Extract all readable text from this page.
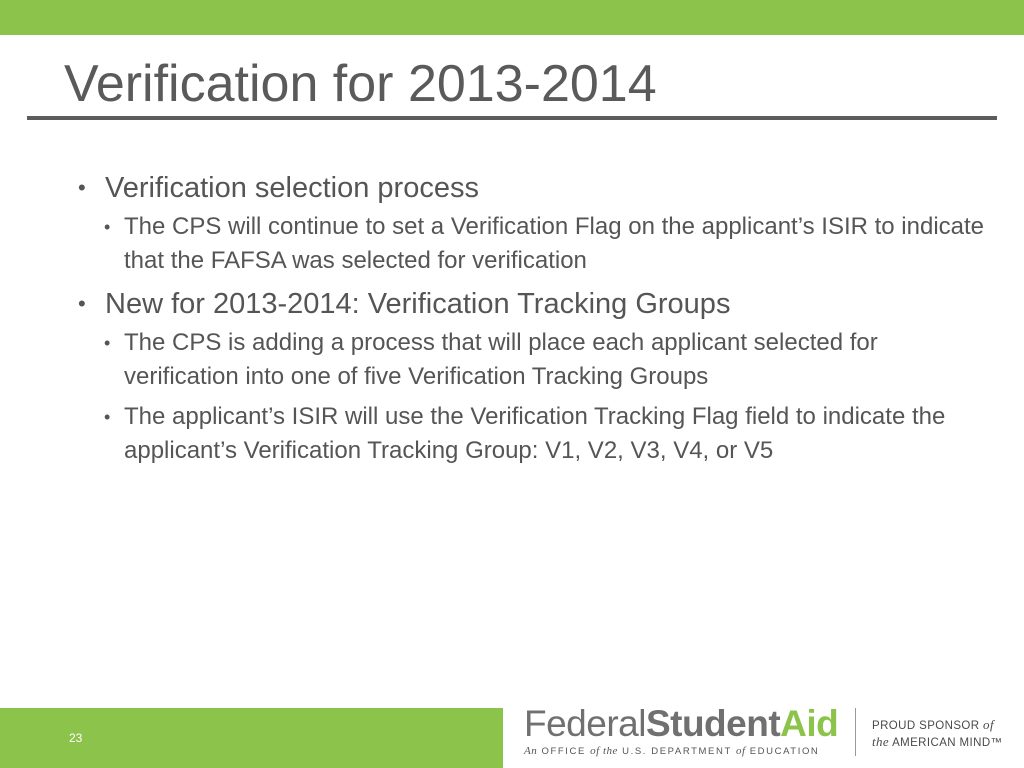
Verification for 2013-2014
• Verification selection process
• The CPS will continue to set a Verification Flag on the applicant’s ISIR to indicate that the FAFSA was selected for verification
• New for 2013-2014: Verification Tracking Groups
• The CPS is adding a process that will place each applicant selected for verification into one of five Verification Tracking Groups
• The applicant’s ISIR will use the Verification Tracking Flag field to indicate the applicant’s Verification Tracking Group: V1, V2, V3, V4, or V5
23	FederalStudentAid
An OFFICE of the U.S. DEPARTMENT of EDUCATION
PROUD SPONSOR of
the AMERICAN MIND™
